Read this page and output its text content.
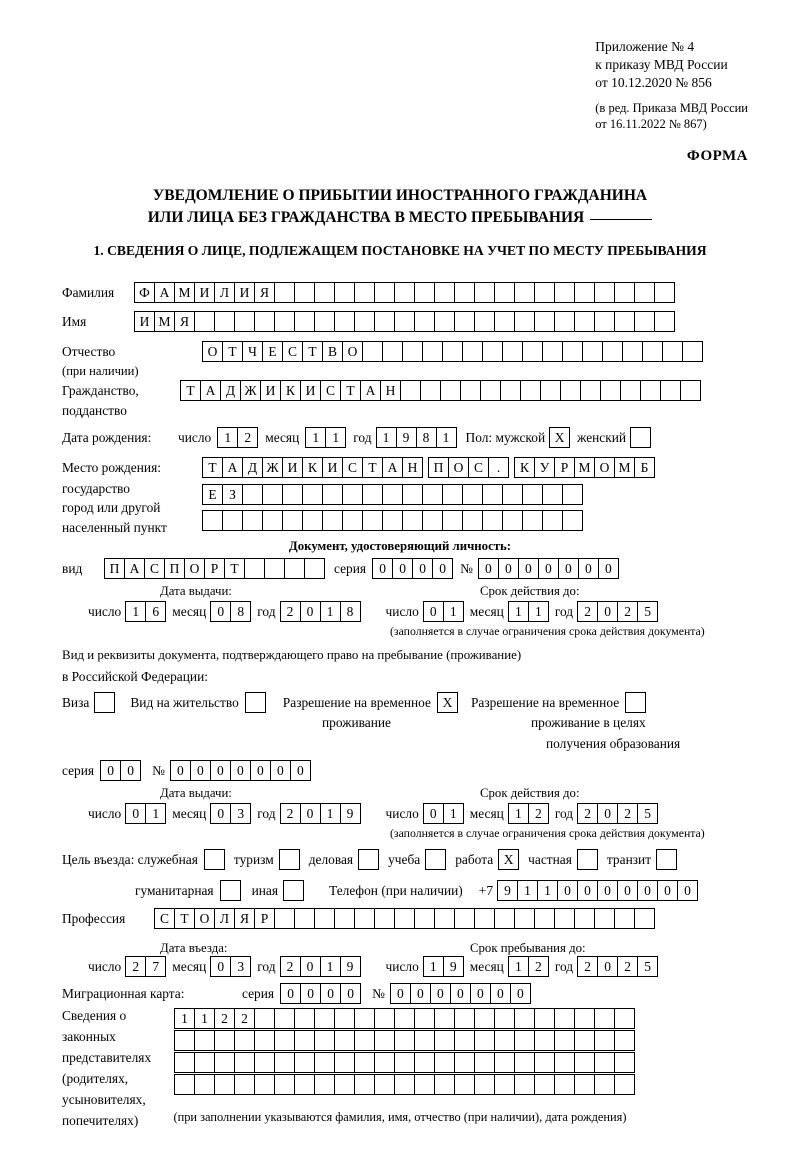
Приложение № 4
к приказу МВД России
от 10.12.2020 № 856
(в ред. Приказа МВД России
от 16.11.2022 № 867)
ФОРМА
УВЕДОМЛЕНИЕ О ПРИБЫТИИ ИНОСТРАННОГО ГРАЖДАНИНА
ИЛИ ЛИЦА БЕЗ ГРАЖДАНСТВА В МЕСТО ПРЕБЫВАНИЯ
1. СВЕДЕНИЯ О ЛИЦЕ, ПОДЛЕЖАЩЕМ ПОСТАНОВКЕ НА УЧЕТ ПО МЕСТУ ПРЕБЫВАНИЯ
Фамилия	Ф А М И Л И Я
Имя	И М Я
Отчество	О Т Ч Е С Т В О
(при наличии)
Гражданство,	Т А Д Ж И К И С Т А Н
подданство
Дата рождения:	число 1 2	месяц 1 1	год 1 9 8 1	Пол: мужской Х женский
Место рождения:	Т А Д Ж И К И С Т А Н	П О С	.	К У Р М О М Б
государство	Е З
город или другой
населенный пункт
Документ, удостоверяющий личность:
вид	П А С П О Р Т	серия 0 0 0 0	№ 0 0 0 0 0 0 0
Дата выдачи:	Срок действия до:
число 1 6 месяц 0 8 год 2 0 1 8	число 0 1 месяц 1 1 год 2 0 2 5
(заполняется в случае ограничения срока действия документа)
Вид и реквизиты документа, подтверждающего право на пребывание (проживание)
в Российской Федерации:
Виза	Вид на жительство	Разрешение на временное Х	Разрешение на временное
проживание	проживание в целях
получения образования
серия 0 0	№ 0 0 0 0 0 0 0
Дата выдачи:	Срок действия до:
число 0 1 месяц 0 3 год 2 0 1 9	число 0 1 месяц 1 2 год 2 0 2 5
(заполняется в случае ограничения срока действия документа)
Цель въезда: служебная	туризм	деловая	учеба	работа Х	частная	транзит
гуманитарная	иная	Телефон (при наличии) +7 9 1 1 0 0 0 0 0 0 0
Профессия	С Т О Л Я Р
Дата въезда:	Срок пребывания до:
число 2 7 месяц 0 3 год 2 0 1 9	число 1 9 месяц 1 2 год 2 0 2 5
Миграционная карта:	серия 0 0 0 0	№ 0 0 0 0 0 0 0
Сведения о
законных
представителях
(родителях,
усыновителях,
попечителях)
1 1 2 2
(при заполнении указываются фамилия, имя, отчество (при наличии), дата рождения)
